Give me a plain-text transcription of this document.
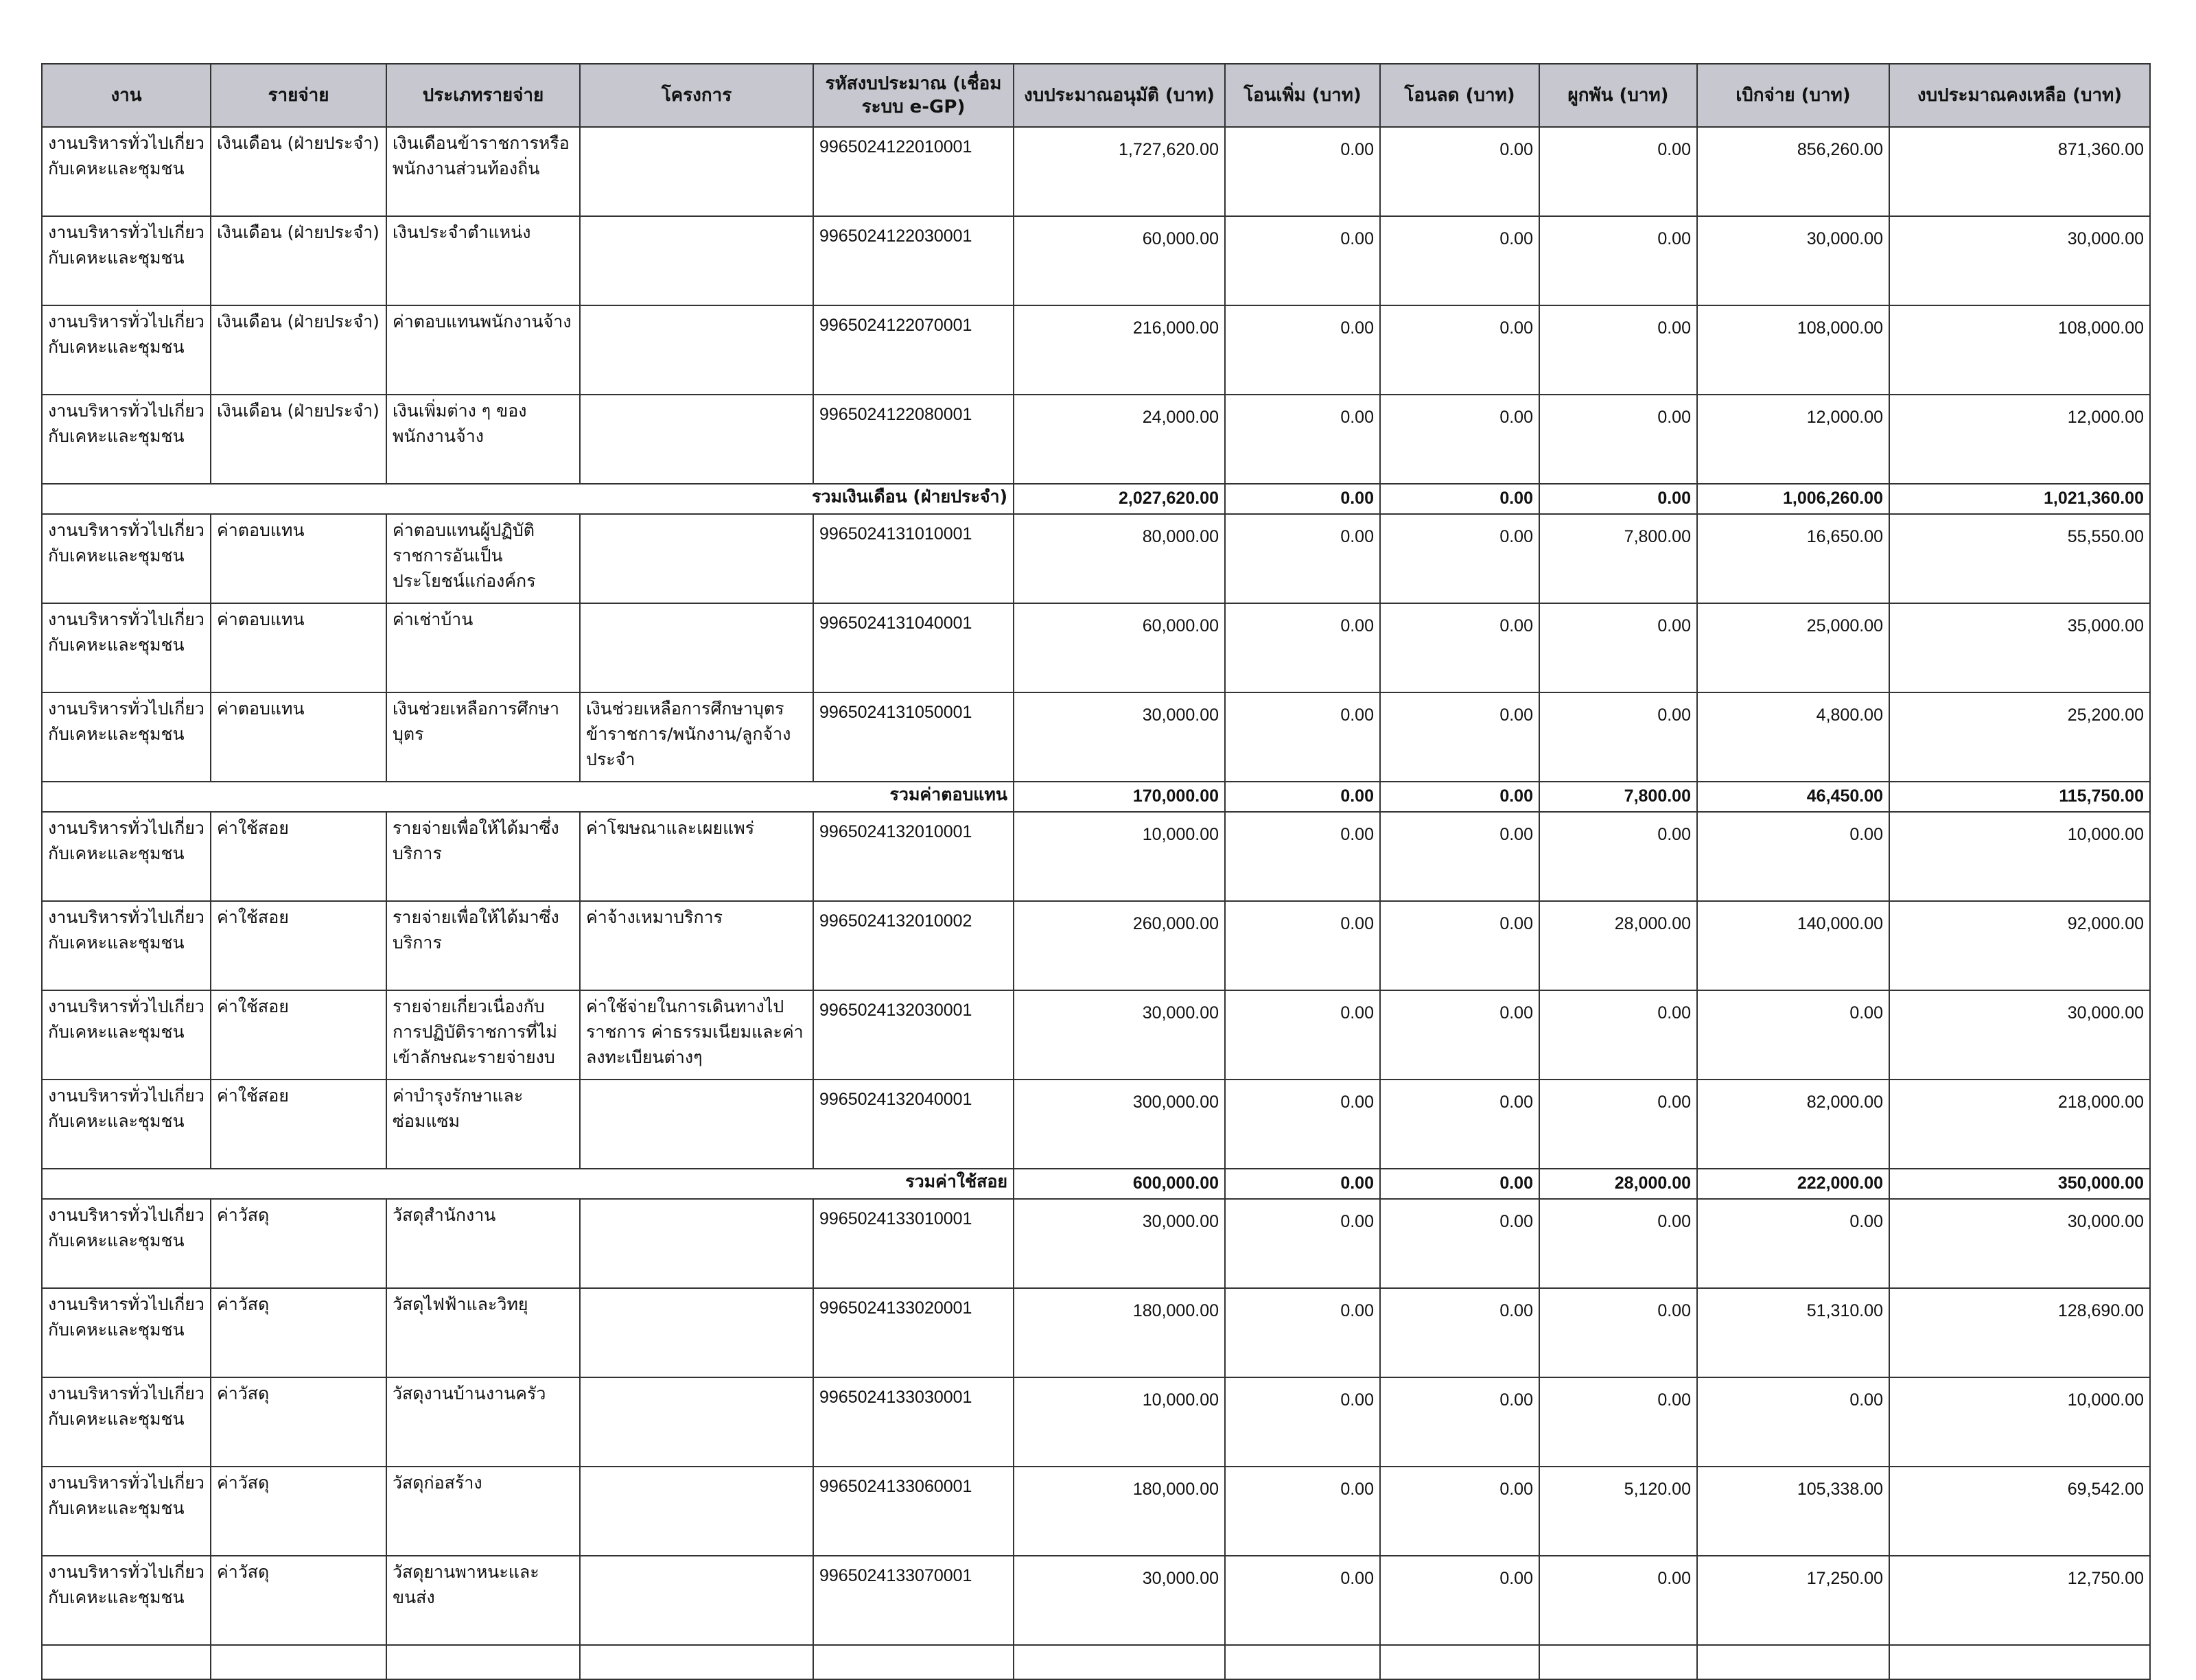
งาน	รายจ่าย	ประเภทรายจ่าย	โครงการ	รหัสงบประมาณ (เชื่อมระบบ e-GP)	งบประมาณอนุมัติ (บาท)	โอนเพิ่ม (บาท)	โอนลด (บาท)	ผูกพัน (บาท)	เบิกจ่าย (บาท)	งบประมาณคงเหลือ (บาท)
งานบริหารทั่วไปเกี่ยวกับเคหะและชุมชน	เงินเดือน (ฝ่ายประจำ)	เงินเดือนข้าราชการหรือพนักงานส่วนท้องถิ่น		9965024122010001	1,727,620.00	0.00	0.00	0.00	856,260.00	871,360.00
งานบริหารทั่วไปเกี่ยวกับเคหะและชุมชน	เงินเดือน (ฝ่ายประจำ)	เงินประจำตำแหน่ง		9965024122030001	60,000.00	0.00	0.00	0.00	30,000.00	30,000.00
งานบริหารทั่วไปเกี่ยวกับเคหะและชุมชน	เงินเดือน (ฝ่ายประจำ)	ค่าตอบแทนพนักงานจ้าง		9965024122070001	216,000.00	0.00	0.00	0.00	108,000.00	108,000.00
งานบริหารทั่วไปเกี่ยวกับเคหะและชุมชน	เงินเดือน (ฝ่ายประจำ)	เงินเพิ่มต่าง ๆ ของพนักงานจ้าง		9965024122080001	24,000.00	0.00	0.00	0.00	12,000.00	12,000.00
รวมเงินเดือน (ฝ่ายประจำ)					2,027,620.00	0.00	0.00	0.00	1,006,260.00	1,021,360.00
งานบริหารทั่วไปเกี่ยวกับเคหะและชุมชน	ค่าตอบแทน	ค่าตอบแทนผู้ปฏิบัติราชการอันเป็นประโยชน์แก่องค์กร		9965024131010001	80,000.00	0.00	0.00	7,800.00	16,650.00	55,550.00
งานบริหารทั่วไปเกี่ยวกับเคหะและชุมชน	ค่าตอบแทน	ค่าเช่าบ้าน		9965024131040001	60,000.00	0.00	0.00	0.00	25,000.00	35,000.00
งานบริหารทั่วไปเกี่ยวกับเคหะและชุมชน	ค่าตอบแทน	เงินช่วยเหลือการศึกษาบุตร	เงินช่วยเหลือการศึกษาบุตรข้าราชการ/พนักงาน/ลูกจ้างประจำ	9965024131050001	30,000.00	0.00	0.00	0.00	4,800.00	25,200.00
รวมค่าตอบแทน					170,000.00	0.00	0.00	7,800.00	46,450.00	115,750.00
งานบริหารทั่วไปเกี่ยวกับเคหะและชุมชน	ค่าใช้สอย	รายจ่ายเพื่อให้ได้มาซึ่งบริการ	ค่าโฆษณาและเผยแพร่	9965024132010001	10,000.00	0.00	0.00	0.00	0.00	10,000.00
งานบริหารทั่วไปเกี่ยวกับเคหะและชุมชน	ค่าใช้สอย	รายจ่ายเพื่อให้ได้มาซึ่งบริการ	ค่าจ้างเหมาบริการ	9965024132010002	260,000.00	0.00	0.00	28,000.00	140,000.00	92,000.00
งานบริหารทั่วไปเกี่ยวกับเคหะและชุมชน	ค่าใช้สอย	รายจ่ายเกี่ยวเนื่องกับการปฏิบัติราชการที่ไม่เข้าลักษณะรายจ่ายงบ	ค่าใช้จ่ายในการเดินทางไปราชการ ค่าธรรมเนียมและค่าลงทะเบียนต่างๆ	9965024132030001	30,000.00	0.00	0.00	0.00	0.00	30,000.00
งานบริหารทั่วไปเกี่ยวกับเคหะและชุมชน	ค่าใช้สอย	ค่าบำรุงรักษาและซ่อมแซม		9965024132040001	300,000.00	0.00	0.00	0.00	82,000.00	218,000.00
รวมค่าใช้สอย					600,000.00	0.00	0.00	28,000.00	222,000.00	350,000.00
งานบริหารทั่วไปเกี่ยวกับเคหะและชุมชน	ค่าวัสดุ	วัสดุสำนักงาน		9965024133010001	30,000.00	0.00	0.00	0.00	0.00	30,000.00
งานบริหารทั่วไปเกี่ยวกับเคหะและชุมชน	ค่าวัสดุ	วัสดุไฟฟ้าและวิทยุ		9965024133020001	180,000.00	0.00	0.00	0.00	51,310.00	128,690.00
งานบริหารทั่วไปเกี่ยวกับเคหะและชุมชน	ค่าวัสดุ	วัสดุงานบ้านงานครัว		9965024133030001	10,000.00	0.00	0.00	0.00	0.00	10,000.00
งานบริหารทั่วไปเกี่ยวกับเคหะและชุมชน	ค่าวัสดุ	วัสดุก่อสร้าง		9965024133060001	180,000.00	0.00	0.00	5,120.00	105,338.00	69,542.00
งานบริหารทั่วไปเกี่ยวกับเคหะและชุมชน	ค่าวัสดุ	วัสดุยานพาหนะและขนส่ง		9965024133070001	30,000.00	0.00	0.00	0.00	17,250.00	12,750.00
